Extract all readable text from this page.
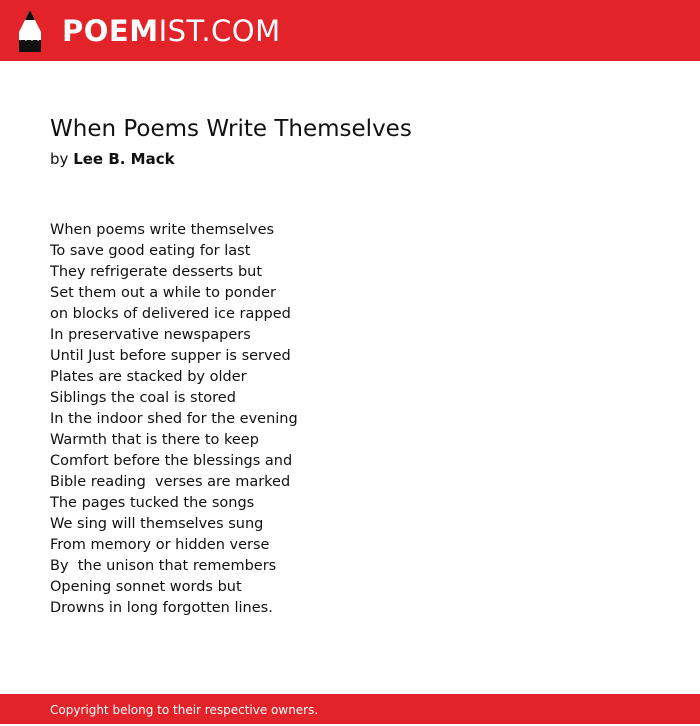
POEM IST.COM
When Poems Write Themselves
by Lee B. Mack
When poems write themselves
To save good eating for last
They refrigerate desserts but
Set them out a while to ponder
on blocks of delivered ice rapped
In preservative newspapers
Until Just before supper is served
Plates are stacked by older
Siblings the coal is stored
In the indoor shed for the evening
Warmth that is there to keep
Comfort before the blessings and
Bible reading  verses are marked
The pages tucked the songs
We sing will themselves sung
From memory or hidden verse
By  the unison that remembers
Opening sonnet words but
Drowns in long forgotten lines.
Copyright belong to their respective owners.
